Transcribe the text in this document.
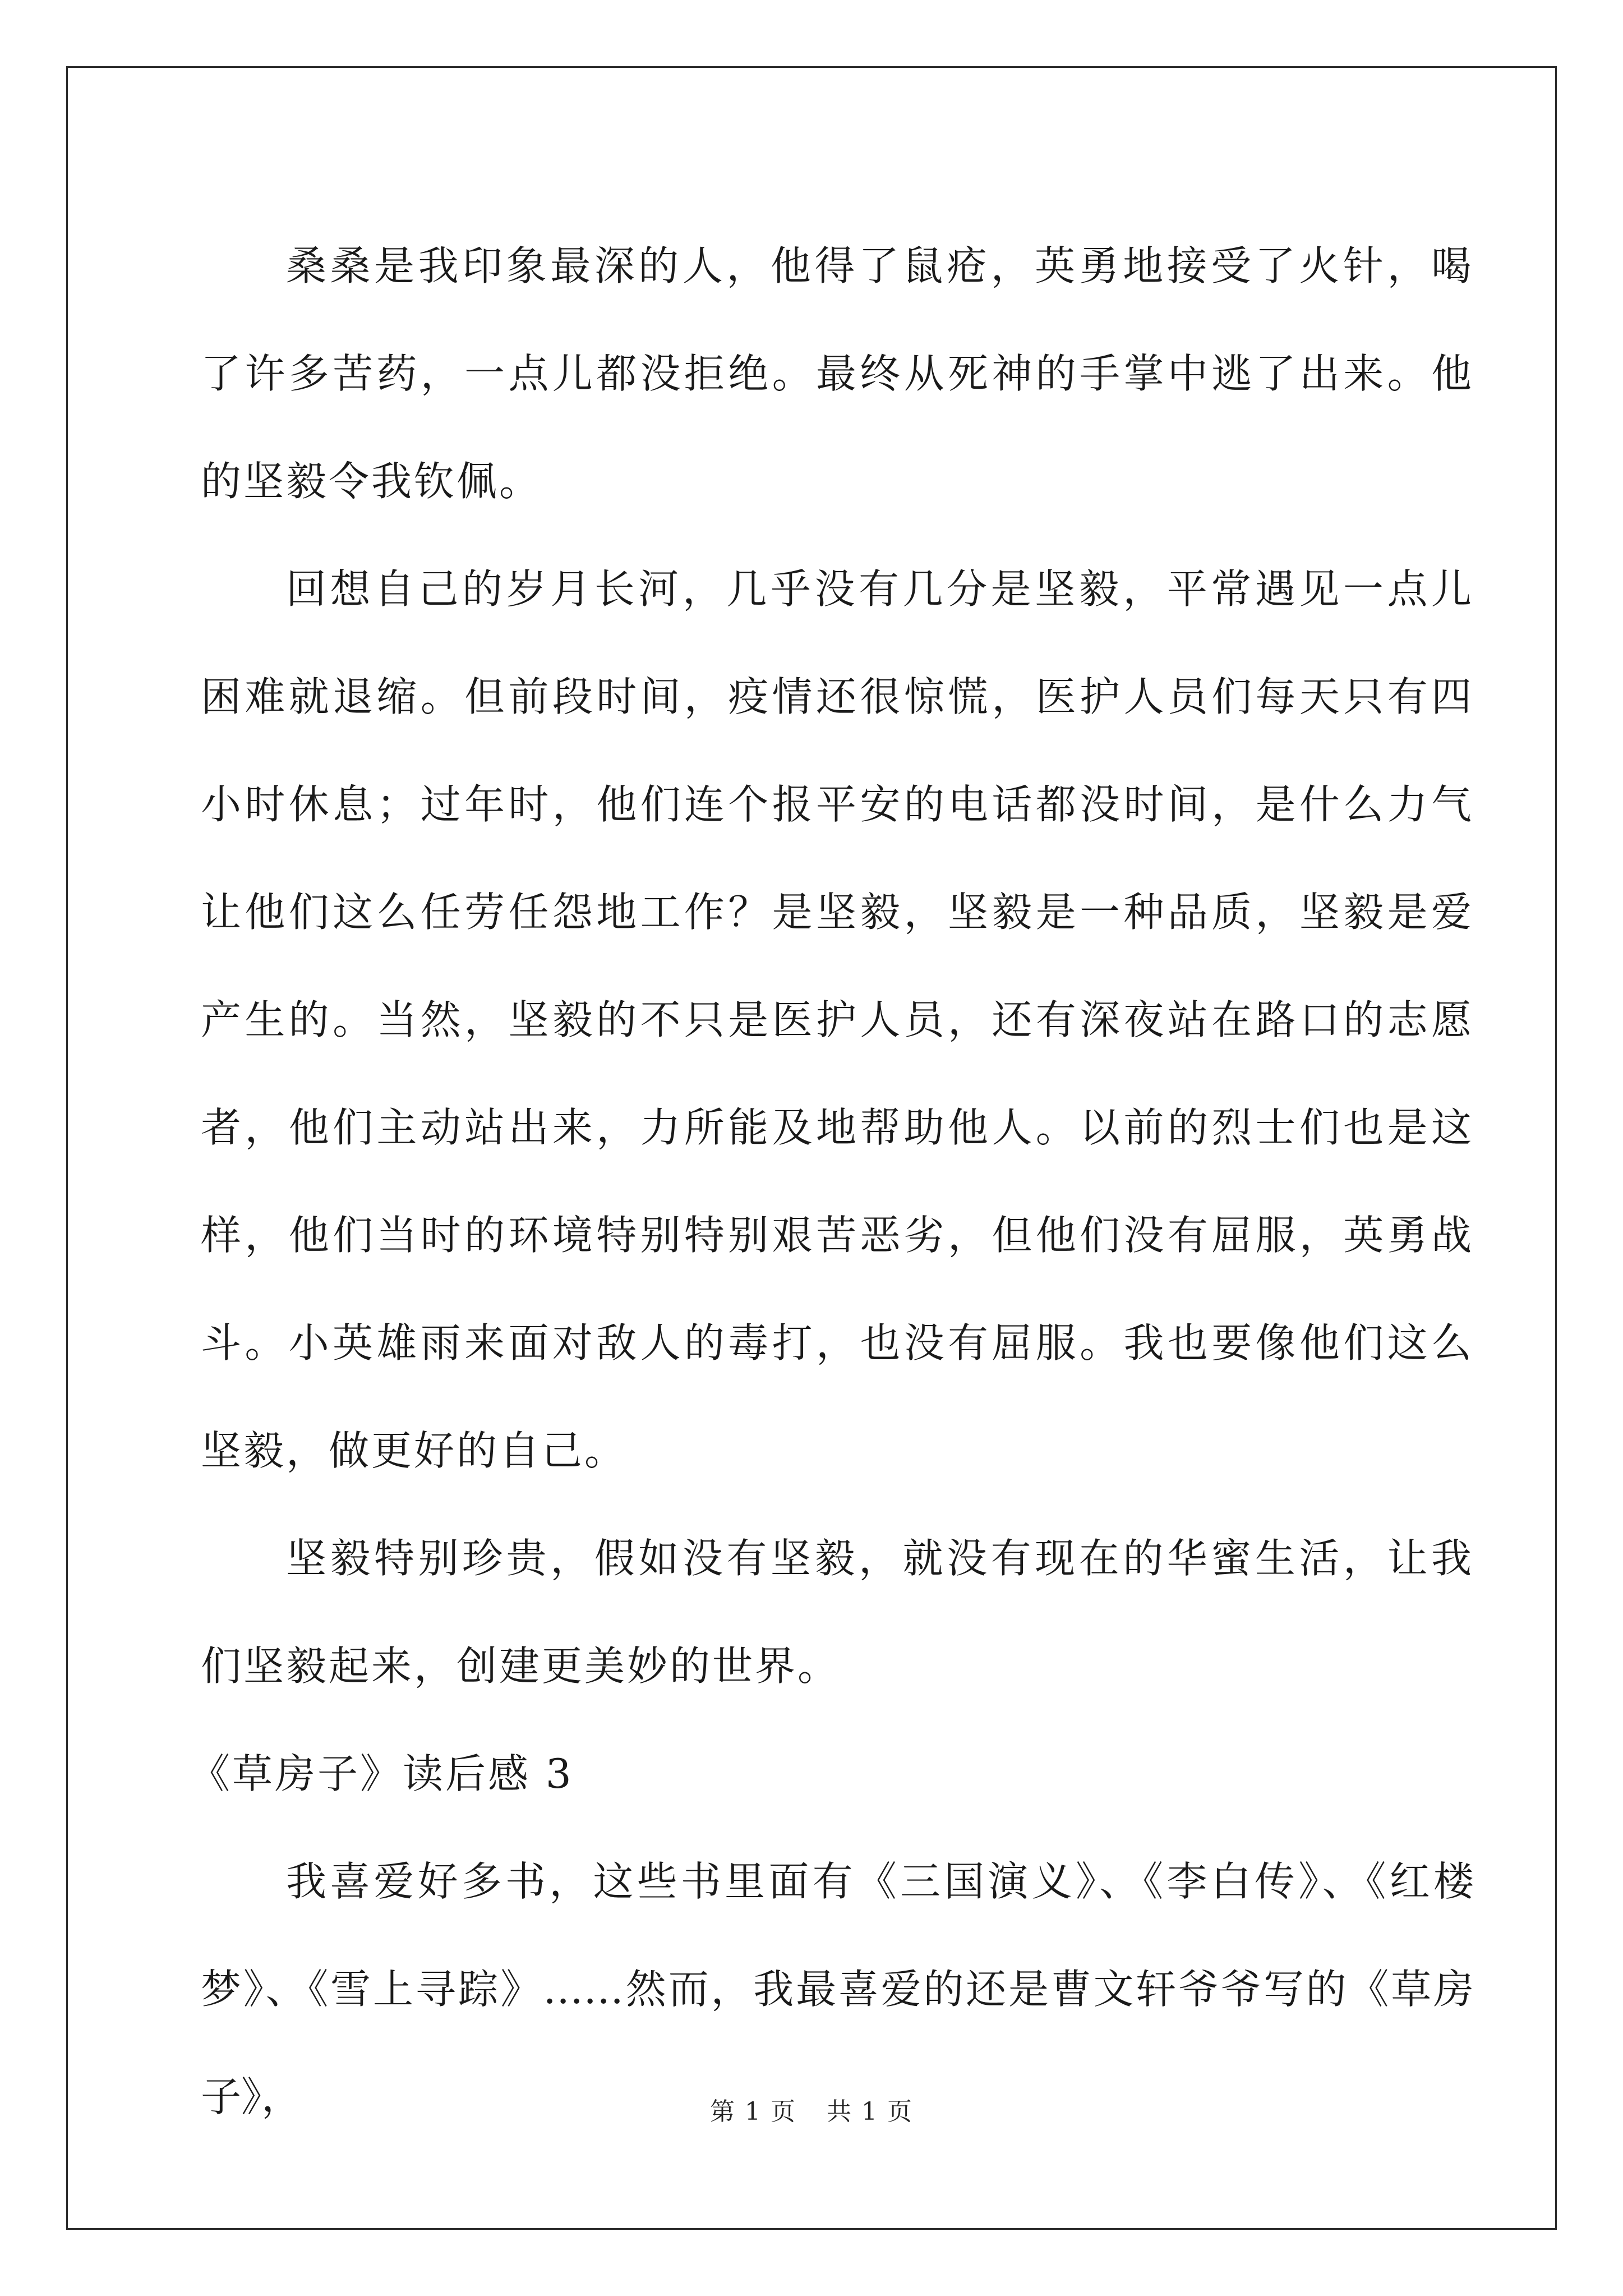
桑桑是我印象最深的人，他得了鼠疮，英勇地接受了火针，喝了许多苦药，一点儿都没拒绝。最终从死神的手掌中逃了出来。他的坚毅令我钦佩。

回想自己的岁月长河，几乎没有几分是坚毅，平常遇见一点儿困难就退缩。但前段时间，疫情还很惊慌，医护人员们每天只有四小时休息；过年时，他们连个报平安的电话都没时间，是什么力气让他们这么任劳任怨地工作？是坚毅，坚毅是一种品质，坚毅是爱产生的。当然，坚毅的不只是医护人员，还有深夜站在路口的志愿者，他们主动站出来，力所能及地帮助他人。以前的烈士们也是这样，他们当时的环境特别特别艰苦恶劣，但他们没有屈服，英勇战斗。小英雄雨来面对敌人的毒打，也没有屈服。我也要像他们这么坚毅，做更好的自己。

坚毅特别珍贵，假如没有坚毅，就没有现在的华蜜生活，让我们坚毅起来，创建更美妙的世界。

《草房子》读后感 3

我喜爱好多书，这些书里面有《三国演义》、《李白传》、《红楼梦》、《雪上寻踪》……然而，我最喜爱的还是曹文轩爷爷写的《草房子》，	第 1 页 共 1 页
